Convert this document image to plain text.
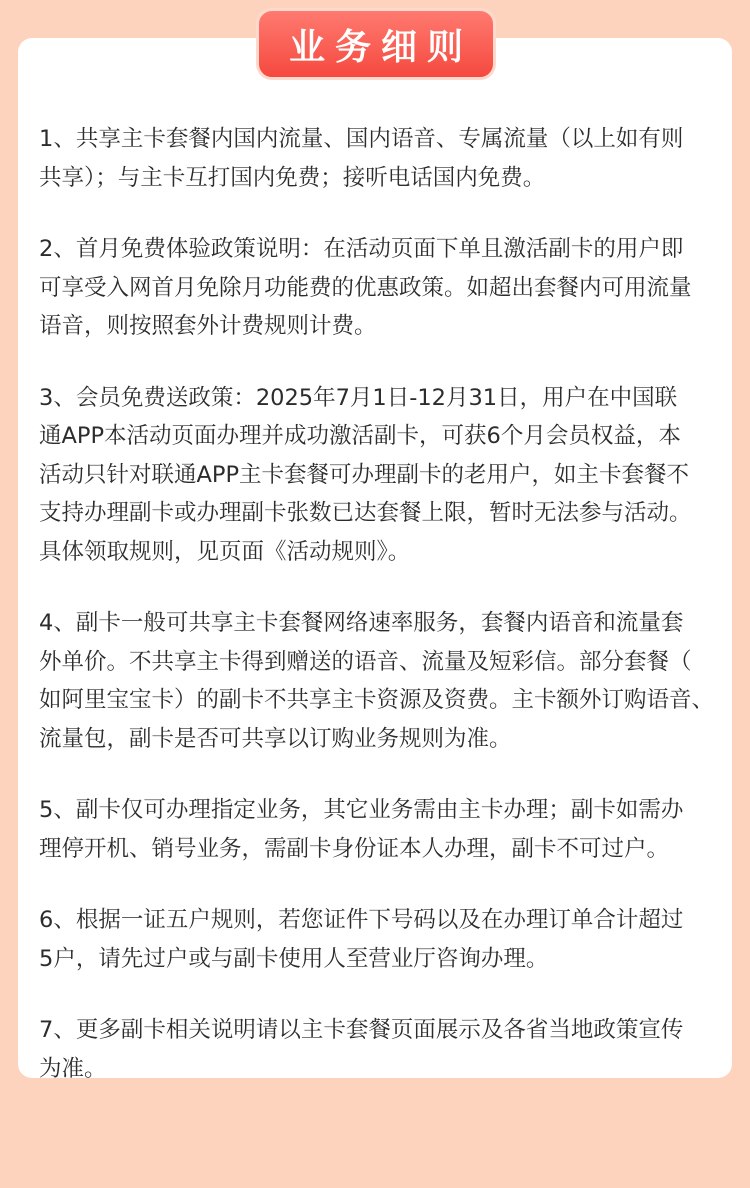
业务细则

1、共享主卡套餐内国内流量、国内语音、专属流量（以上如有则
共享）；与主卡互打国内免费；接听电话国内免费。

2、首月免费体验政策说明：在活动页面下单且激活副卡的用户即
可享受入网首月免除月功能费的优惠政策。如超出套餐内可用流量
语音，则按照套外计费规则计费。

3、会员免费送政策：2025年7月1日-12月31日，用户在中国联
通APP本活动页面办理并成功激活副卡，可获6个月会员权益，本
活动只针对联通APP主卡套餐可办理副卡的老用户，如主卡套餐不
支持办理副卡或办理副卡张数已达套餐上限，暂时无法参与活动。
具体领取规则，见页面《活动规则》。

4、副卡一般可共享主卡套餐网络速率服务，套餐内语音和流量套
外单价。不共享主卡得到赠送的语音、流量及短彩信。部分套餐（
如阿里宝宝卡）的副卡不共享主卡资源及资费。主卡额外订购语音、
流量包，副卡是否可共享以订购业务规则为准。

5、副卡仅可办理指定业务，其它业务需由主卡办理；副卡如需办
理停开机、销号业务，需副卡身份证本人办理，副卡不可过户。

6、根据一证五户规则，若您证件下号码以及在办理订单合计超过
5户，请先过户或与副卡使用人至营业厅咨询办理。

7、更多副卡相关说明请以主卡套餐页面展示及各省当地政策宣传
为准。
